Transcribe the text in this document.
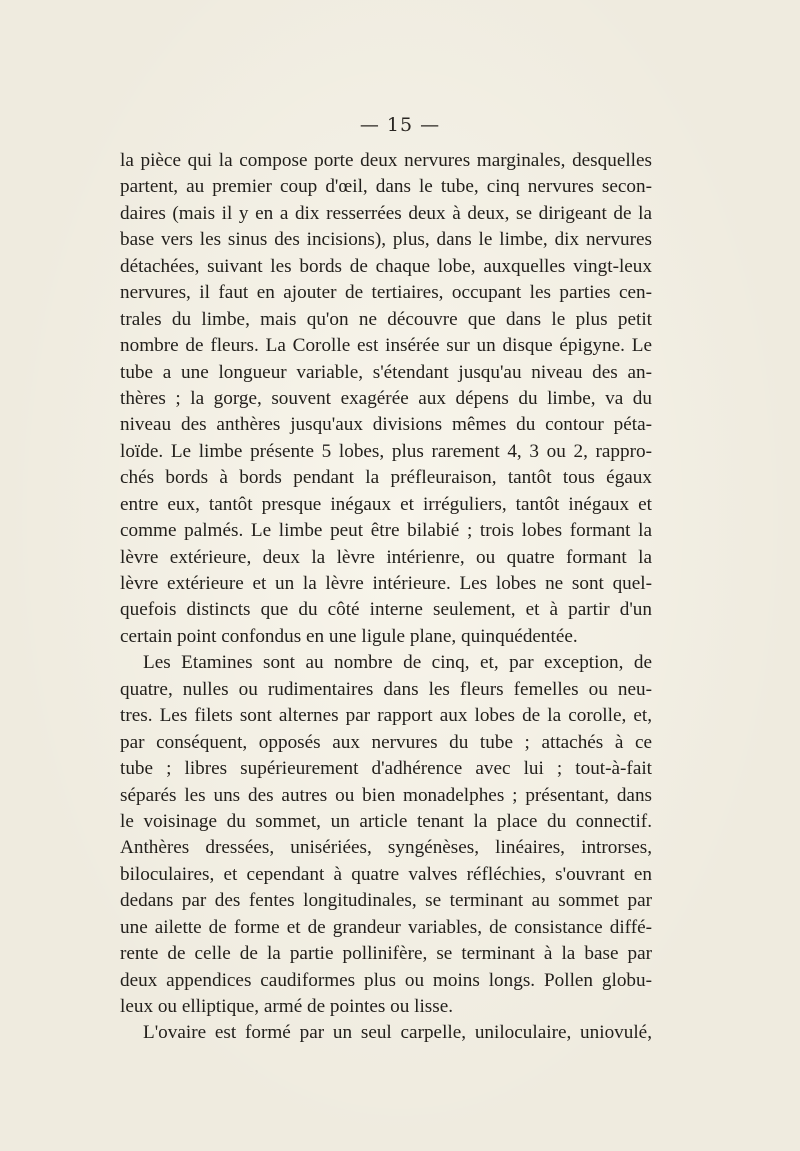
— 15 —
la pièce qui la compose porte deux nervures marginales, desquelles
partent, au premier coup d'œil, dans le tube, cinq nervures secon-
daires (mais il y en a dix resserrées deux à deux, se dirigeant de la
base vers les sinus des incisions), plus, dans le limbe, dix nervures
détachées, suivant les bords de chaque lobe, auxquelles vingt-leux
nervures, il faut en ajouter de tertiaires, occupant les parties cen-
trales du limbe, mais qu'on ne découvre que dans le plus petit
nombre de fleurs. La Corolle est insérée sur un disque épigyne. Le
tube a une longueur variable, s'étendant jusqu'au niveau des an-
thères ; la gorge, souvent exagérée aux dépens du limbe, va du
niveau des anthères jusqu'aux divisions mêmes du contour péta-
loïde. Le limbe présente 5 lobes, plus rarement 4, 3 ou 2, rappro-
chés bords à bords pendant la préfleuraison, tantôt tous égaux
entre eux, tantôt presque inégaux et irréguliers, tantôt inégaux et
comme palmés. Le limbe peut être bilabié ; trois lobes formant la
lèvre extérieure, deux la lèvre intérienre, ou quatre formant la
lèvre extérieure et un la lèvre intérieure. Les lobes ne sont quel-
quefois distincts que du côté interne seulement, et à partir d'un
certain point confondus en une ligule plane, quinquédentée.
Les Etamines sont au nombre de cinq, et, par exception, de
quatre, nulles ou rudimentaires dans les fleurs femelles ou neu-
tres. Les filets sont alternes par rapport aux lobes de la corolle, et,
par conséquent, opposés aux nervures du tube ; attachés à ce
tube ; libres supérieurement d'adhérence avec lui ; tout-à-fait
séparés les uns des autres ou bien monadelphes ; présentant, dans
le voisinage du sommet, un article tenant la place du connectif.
Anthères dressées, unisériées, syngénèses, linéaires, introrses,
biloculaires, et cependant à quatre valves réfléchies, s'ouvrant en
dedans par des fentes longitudinales, se terminant au sommet par
une ailette de forme et de grandeur variables, de consistance diffé-
rente de celle de la partie pollinifère, se terminant à la base par
deux appendices caudiformes plus ou moins longs. Pollen globu-
leux ou elliptique, armé de pointes ou lisse.
L'ovaire est formé par un seul carpelle, uniloculaire, uniovulé,
